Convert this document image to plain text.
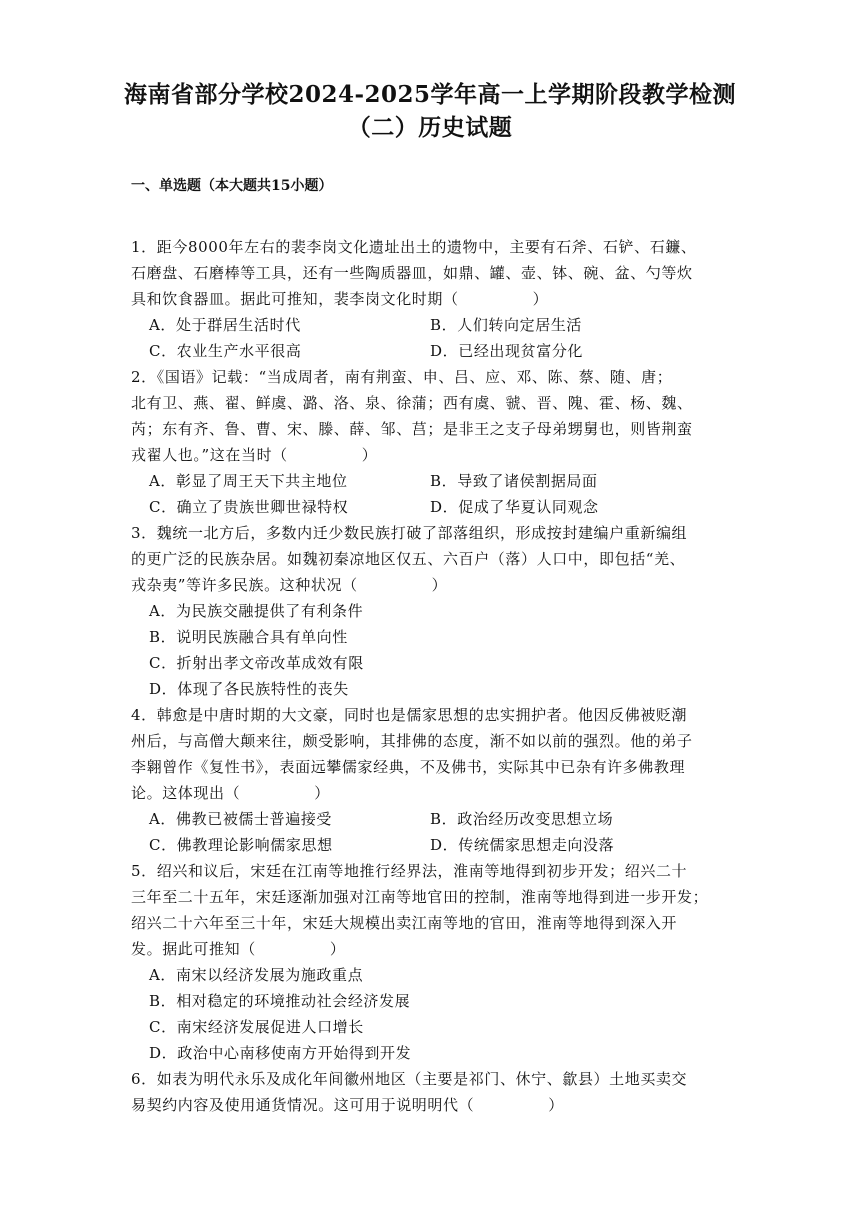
海南省部分学校2024-2025学年高一上学期阶段教学检测
（二）历史试题
一、单选题（本大题共15小题）
1．距今8000年左右的裴李岗文化遗址出土的遗物中，主要有石斧、石铲、石鐮、
石磨盘、石磨棒等工具，还有一些陶质器皿，如鼎、罐、壶、钵、碗、盆、勺等炊
具和饮食器皿。据此可推知，裴李岗文化时期（	）
A．处于群居生活时代	B．人们转向定居生活
C．农业生产水平很高	D．已经出现贫富分化
2．《国语》记载：“当成周者，南有荆蛮、申、吕、应、邓、陈、蔡、随、唐；
北有卫、燕、翟、鲜虞、潞、洛、泉、徐蒲；西有虞、虢、晋、隗、霍、杨、魏、
芮；东有齐、鲁、曹、宋、滕、薛、邹、莒；是非王之支子母弟甥舅也，则皆荆蛮
戎翟人也。”这在当时（	）
A．彰显了周王天下共主地位	B．导致了诸侯割据局面
C．确立了贵族世卿世禄特权	D．促成了华夏认同观念
3．魏统一北方后，多数内迁少数民族打破了部落组织，形成按封建编户重新编组
的更广泛的民族杂居。如魏初秦凉地区仅五、六百户（落）人口中，即包括“羌、
戎杂夷”等许多民族。这种状况（	）
A．为民族交融提供了有利条件
B．说明民族融合具有单向性
C．折射出孝文帝改革成效有限
D．体现了各民族特性的丧失
4．韩愈是中唐时期的大文豪，同时也是儒家思想的忠实拥护者。他因反佛被贬潮
州后，与高僧大颠来往，颇受影响，其排佛的态度，渐不如以前的强烈。他的弟子
李翱曾作《复性书》，表面远攀儒家经典，不及佛书，实际其中已杂有许多佛教理
论。这体现出（	）
A．佛教已被儒士普遍接受	B．政治经历改变思想立场
C．佛教理论影响儒家思想	D．传统儒家思想走向没落
5．绍兴和议后，宋廷在江南等地推行经界法，淮南等地得到初步开发；绍兴二十
三年至二十五年，宋廷逐渐加强对江南等地官田的控制，淮南等地得到进一步开发；
绍兴二十六年至三十年，宋廷大规模出卖江南等地的官田，淮南等地得到深入开
发。据此可推知（	）
A．南宋以经济发展为施政重点
B．相对稳定的环境推动社会经济发展
C．南宋经济发展促进人口增长
D．政治中心南移使南方开始得到开发
6．如表为明代永乐及成化年间徽州地区（主要是祁门、休宁、歙县）土地买卖交
易契约内容及使用通货情况。这可用于说明明代（	）
